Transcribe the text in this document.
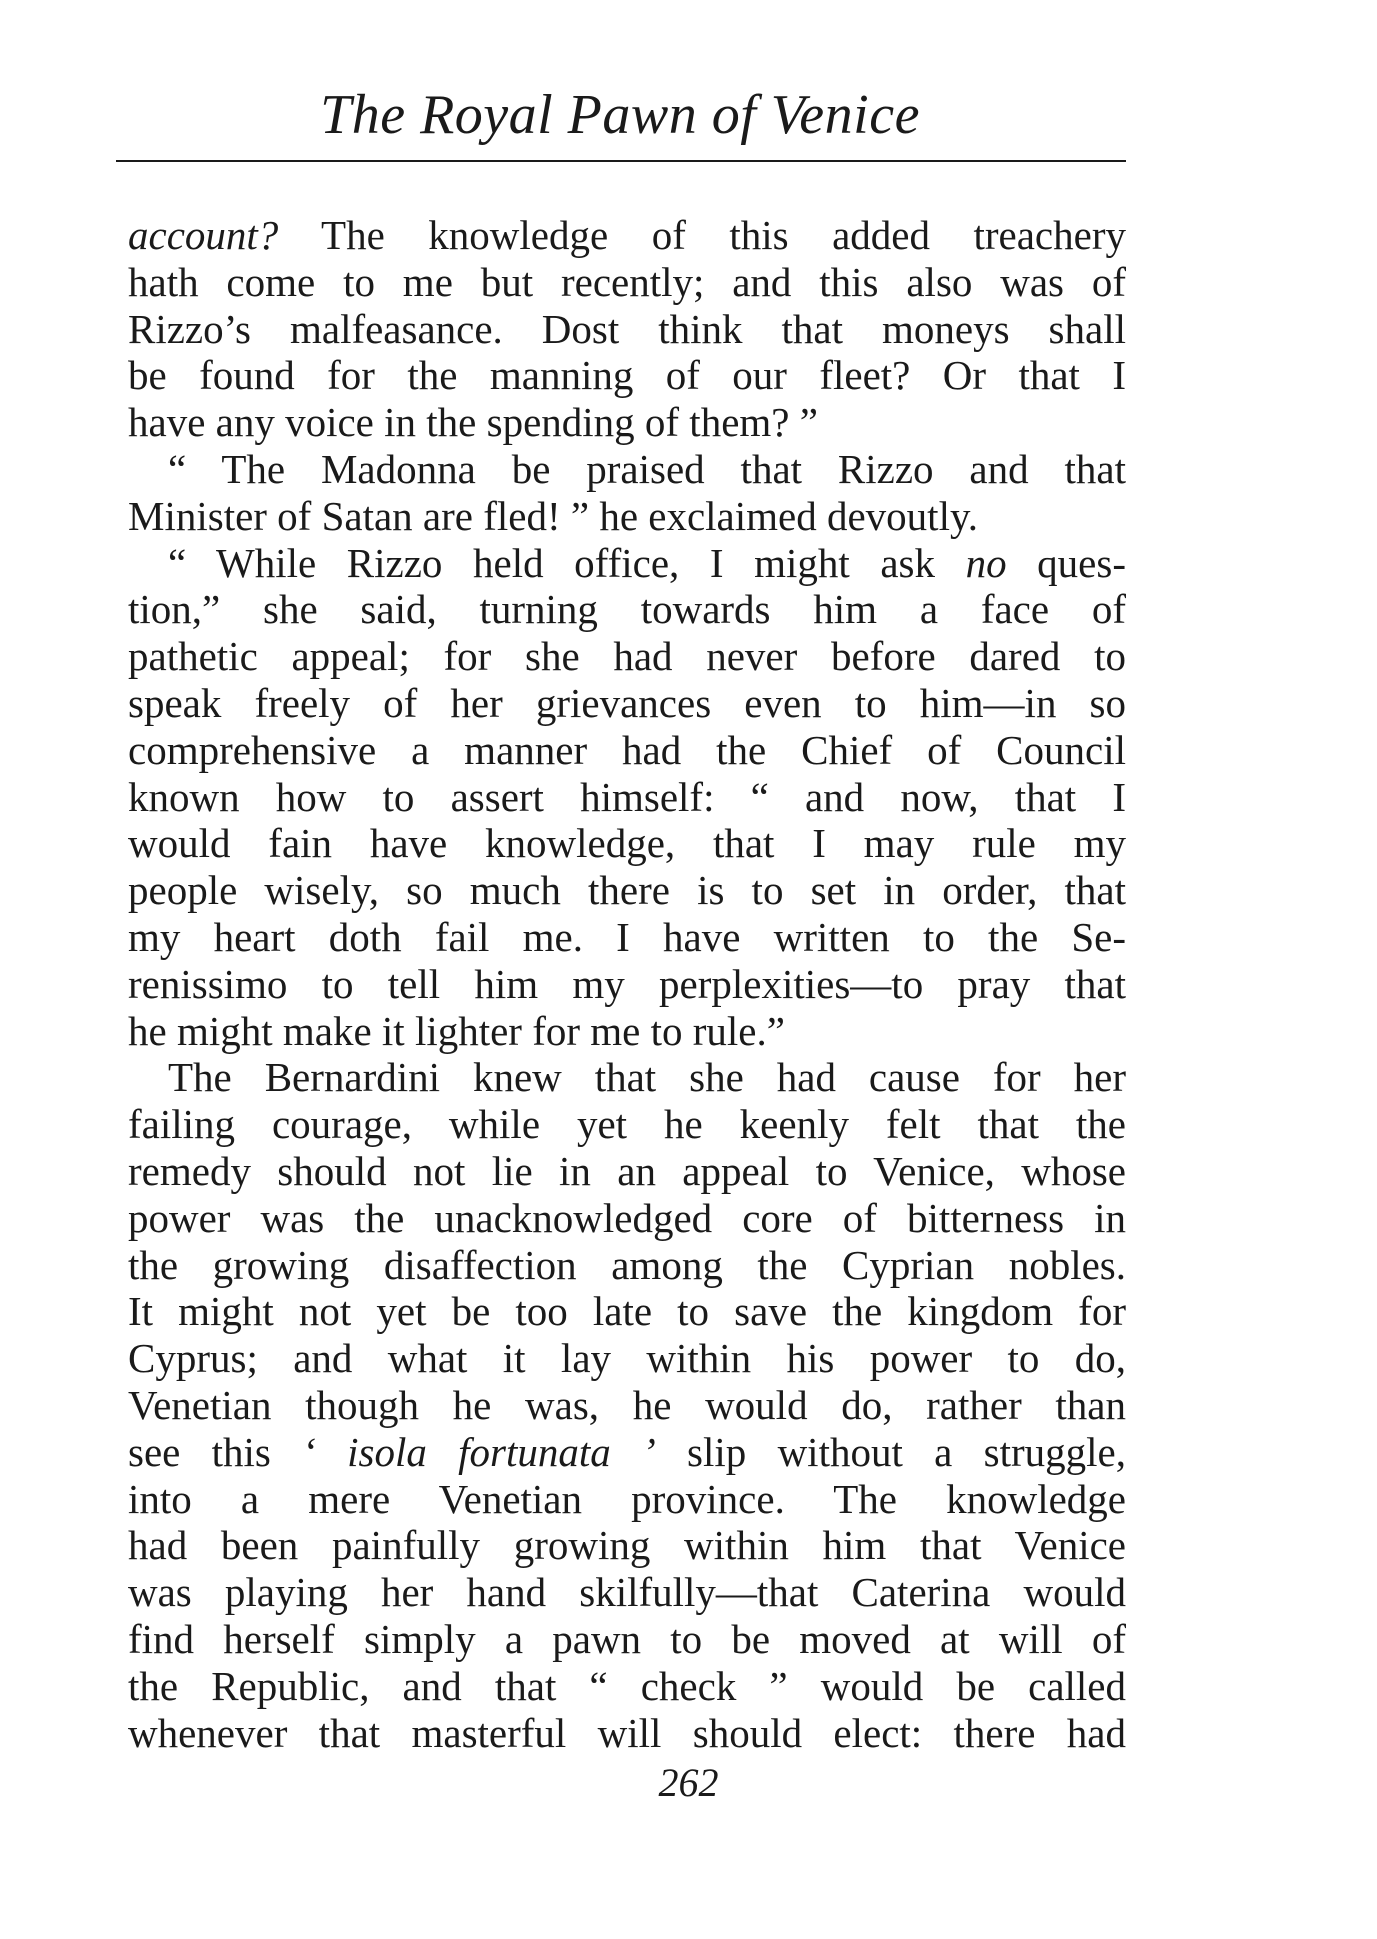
The Royal Pawn of Venice
account? The knowledge of this added treachery
hath come to me but recently; and this also was of
Rizzo’s malfeasance. Dost think that moneys shall
be found for the manning of our fleet? Or that I
have any voice in the spending of them? ”
“ The Madonna be praised that Rizzo and that
Minister of Satan are fled! ” he exclaimed devoutly.
“ While Rizzo held office, I might ask no ques-
tion,” she said, turning towards him a face of
pathetic appeal; for she had never before dared to
speak freely of her grievances even to him—in so
comprehensive a manner had the Chief of Council
known how to assert himself: “ and now, that I
would fain have knowledge, that I may rule my
people wisely, so much there is to set in order, that
my heart doth fail me. I have written to the Se-
renissimo to tell him my perplexities—to pray that
he might make it lighter for me to rule.”
The Bernardini knew that she had cause for her
failing courage, while yet he keenly felt that the
remedy should not lie in an appeal to Venice, whose
power was the unacknowledged core of bitterness in
the growing disaffection among the Cyprian nobles.
It might not yet be too late to save the kingdom for
Cyprus; and what it lay within his power to do,
Venetian though he was, he would do, rather than
see this ‘ isola fortunata ’ slip without a struggle,
into a mere Venetian province. The knowledge
had been painfully growing within him that Venice
was playing her hand skilfully—that Caterina would
find herself simply a pawn to be moved at will of
the Republic, and that “ check ” would be called
whenever that masterful will should elect: there had
262
